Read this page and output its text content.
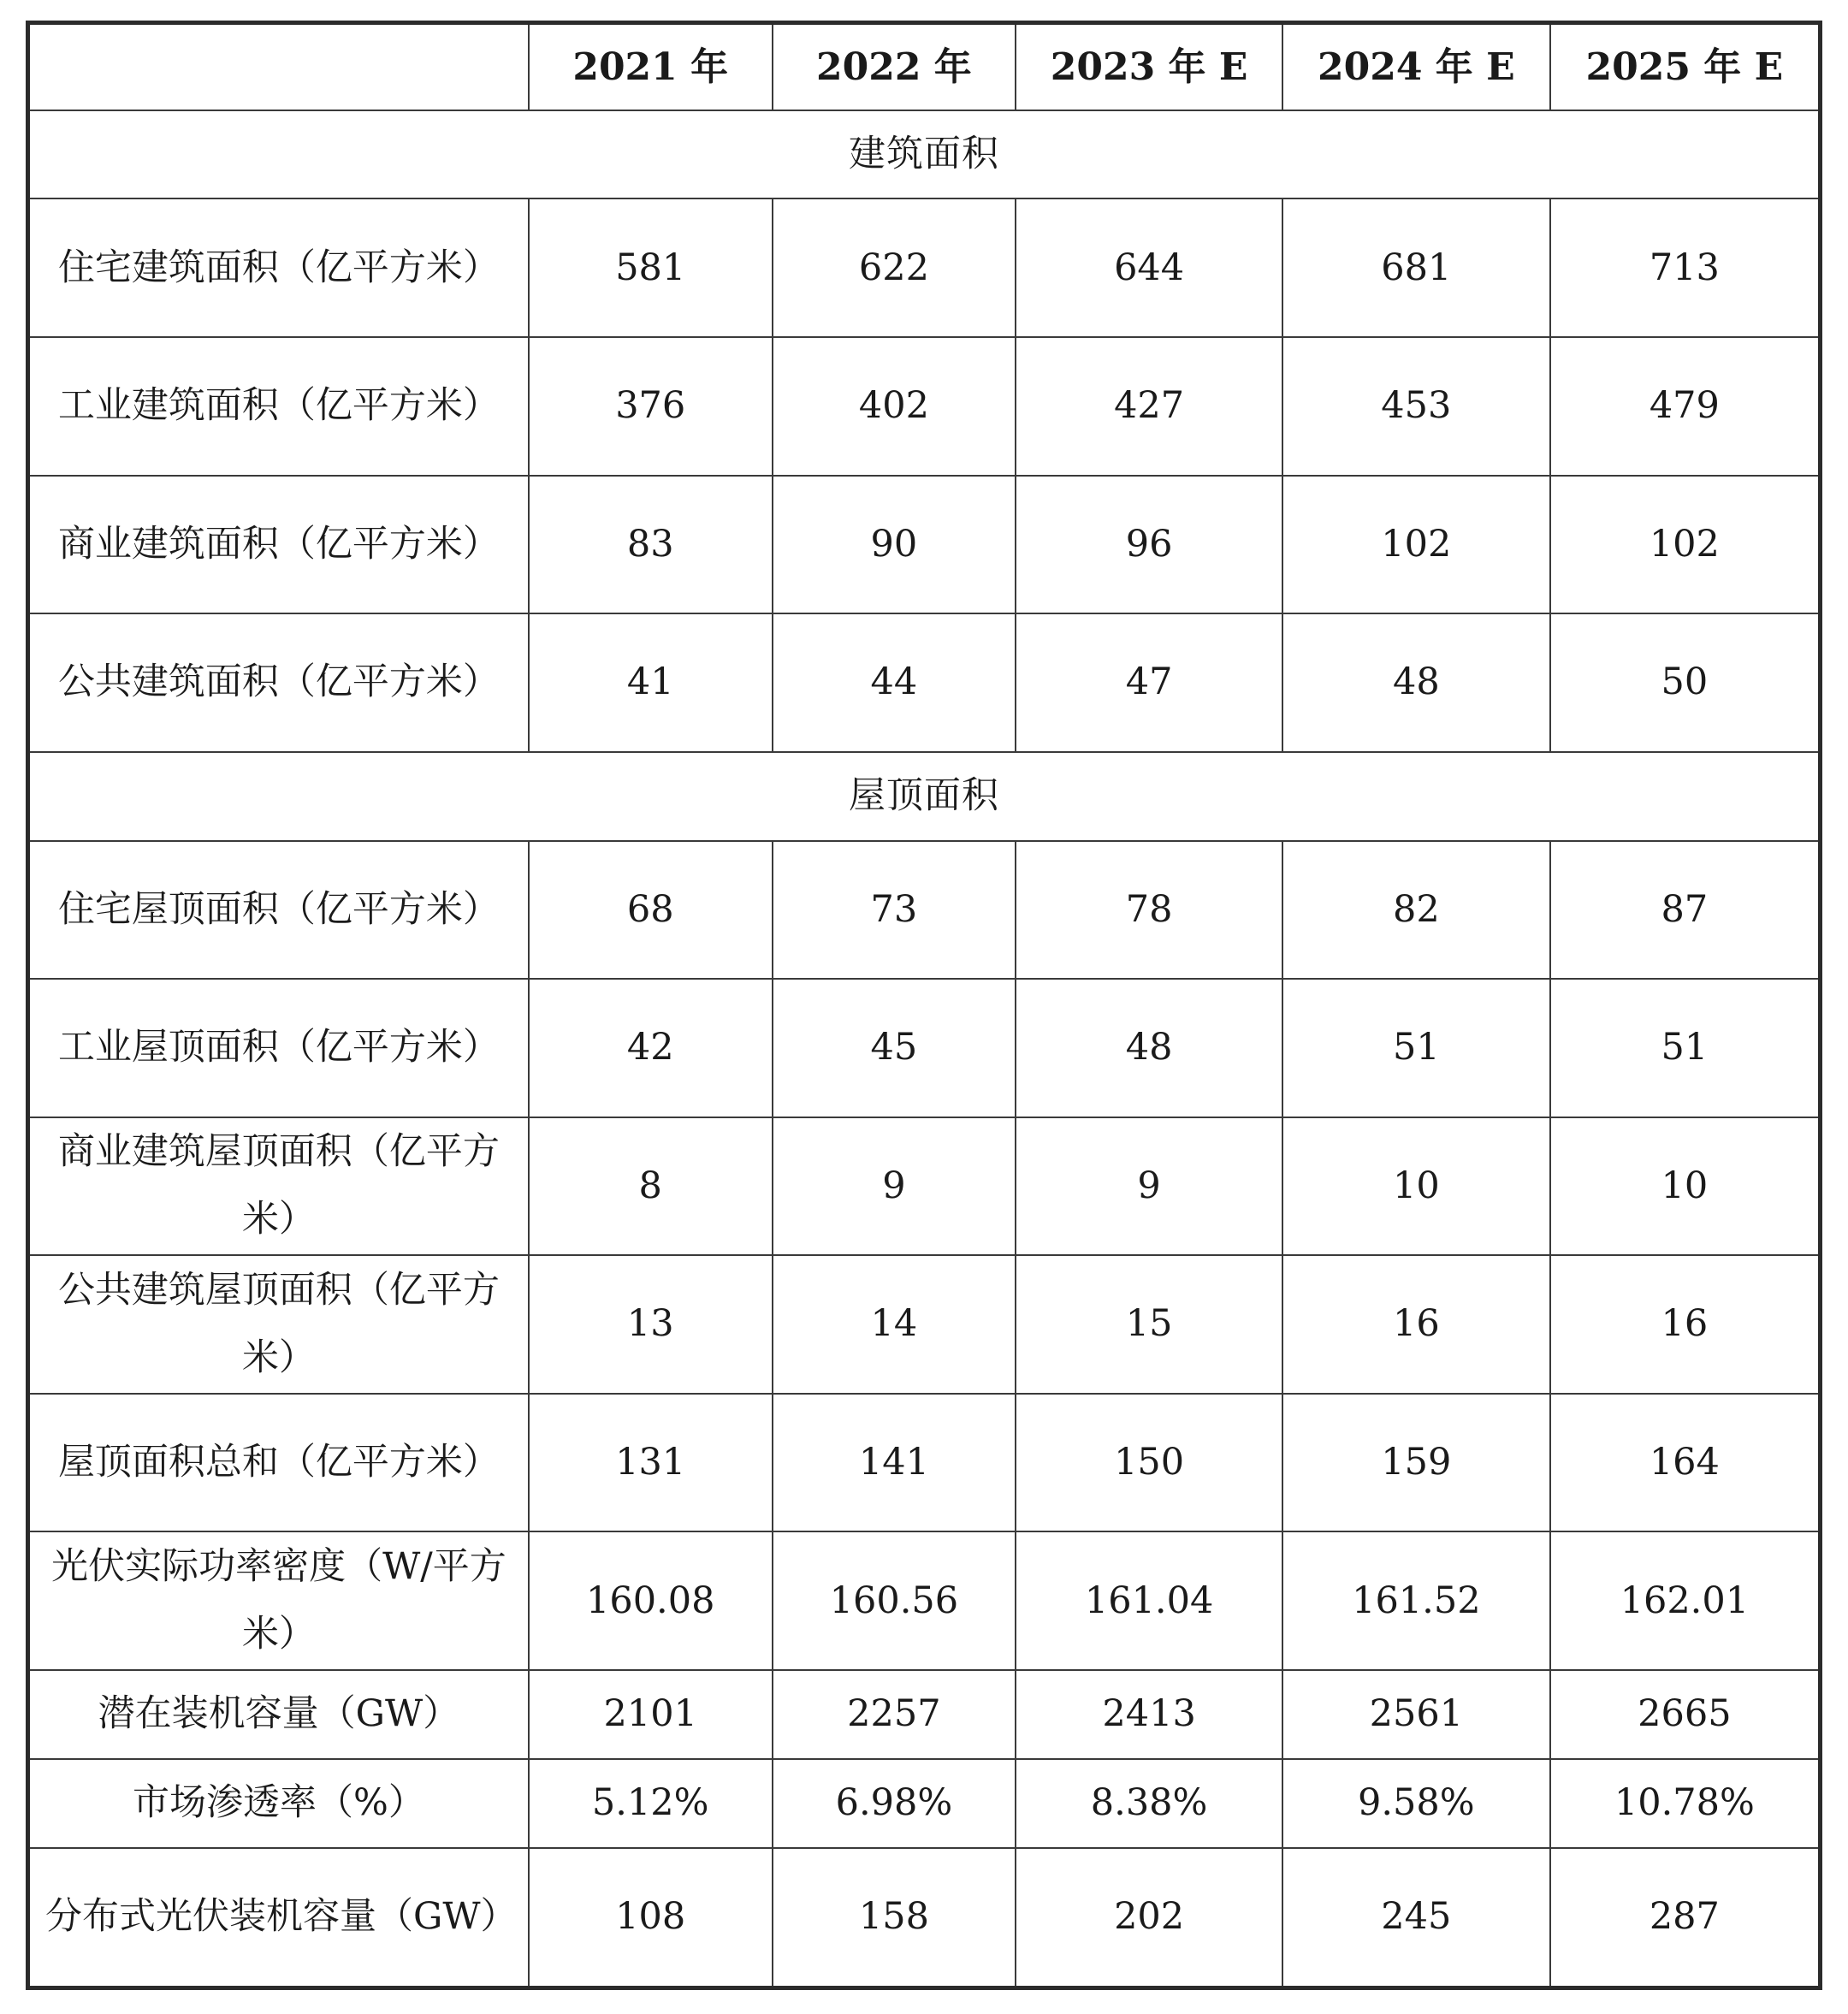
	2021 年	2022 年	2023 年 E	2024 年 E	2025 年 E
建筑面积					
住宅建筑面积（亿平方米）	581	622	644	681	713
工业建筑面积（亿平方米）	376	402	427	453	479
商业建筑面积（亿平方米）	83	90	96	102	102
公共建筑面积（亿平方米）	41	44	47	48	50
屋顶面积					
住宅屋顶面积（亿平方米）	68	73	78	82	87
工业屋顶面积（亿平方米）	42	45	48	51	51
商业建筑屋顶面积（亿平方米）	8	9	9	10	10
公共建筑屋顶面积（亿平方米）	13	14	15	16	16
屋顶面积总和（亿平方米）	131	141	150	159	164
光伏实际功率密度（W/平方米）	160.08	160.56	161.04	161.52	162.01
潜在装机容量（GW）	2101	2257	2413	2561	2665
市场渗透率（%）	5.12%	6.98%	8.38%	9.58%	10.78%
分布式光伏装机容量（GW）	108	158	202	245	287
